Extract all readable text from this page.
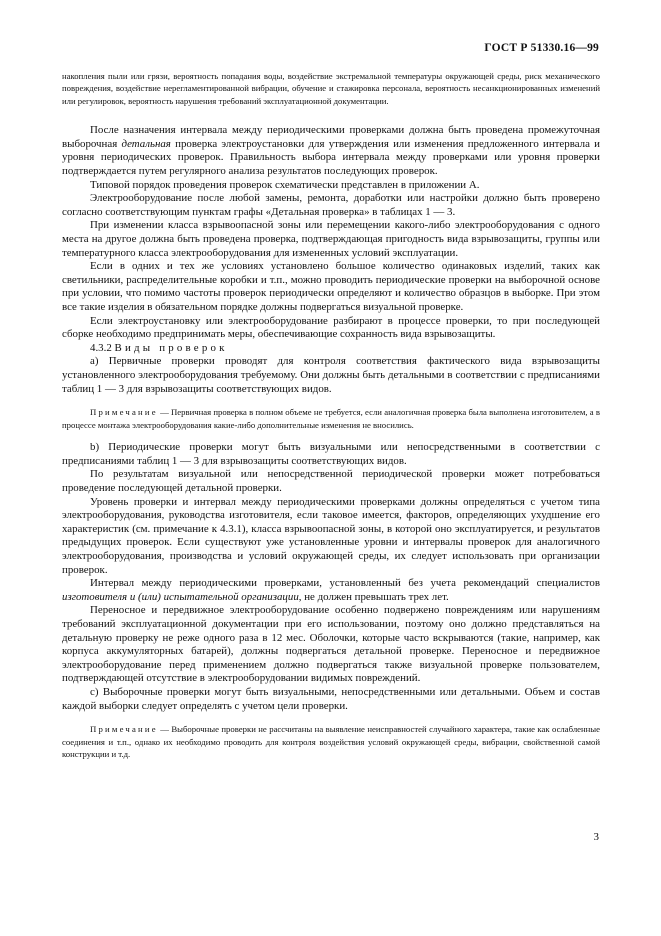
ГОСТ Р 51330.16—99

накопления пыли или грязи, вероятность попадания воды, воздействие экстремальной температуры окружающей среды, риск механического повреждения, воздействие нерегламентированной вибрации, обучение и стажировка персонала, вероятность несанкционированных изменений или регулировок, вероятность нарушения требований эксплуатационной документации.

После назначения интервала между периодическими проверками должна быть проведена промежуточная выборочная детальная проверка электроустановки для утверждения или изменения предложенного интервала и уровня периодических проверок. Правильность выбора интервала между проверками или уровня проверки подтверждается путем регулярного анализа результатов последующих проверок.

Типовой порядок проведения проверок схематически представлен в приложении А.

Электрооборудование после любой замены, ремонта, доработки или настройки должно быть проверено согласно соответствующим пунктам графы «Детальная проверка» в таблицах 1 — 3.

При изменении класса взрывоопасной зоны или перемещении какого-либо электрооборудования с одного места на другое должна быть проведена проверка, подтверждающая пригодность вида взрывозащиты, группы или температурного класса электрооборудования для измененных условий эксплуатации.

Если в одних и тех же условиях установлено большое количество одинаковых изделий, таких как светильники, распределительные коробки и т.п., можно проводить периодические проверки на выборочной основе при условии, что помимо частоты проверок периодически определяют и количество образцов в выборке. При этом все такие изделия в обязательном порядке должны подвергаться визуальной проверке.

Если электроустановку или электрооборудование разбирают в процессе проверки, то при последующей сборке необходимо предпринимать меры, обеспечивающие сохранность вида взрывозащиты.

4.3.2 Виды проверок

а) Первичные проверки проводят для контроля соответствия фактического вида взрывозащиты установленного электрооборудования требуемому. Они должны быть детальными в соответствии с предписаниями таблиц 1 — 3 для взрывозащиты соответствующих видов.

Примечание — Первичная проверка в полном объеме не требуется, если аналогичная проверка была выполнена изготовителем, а в процессе монтажа электрооборудования какие-либо дополнительные изменения не вносились.

b) Периодические проверки могут быть визуальными или непосредственными в соответствии с предписаниями таблиц 1 — 3 для взрывозащиты соответствующих видов.

По результатам визуальной или непосредственной периодической проверки может потребоваться проведение последующей детальной проверки.

Уровень проверки и интервал между периодическими проверками должны определяться с учетом типа электрооборудования, руководства изготовителя, если таковое имеется, факторов, определяющих ухудшение его характеристик (см. примечание к 4.3.1), класса взрывоопасной зоны, в которой оно эксплуатируется, и результатов предыдущих проверок. Если существуют уже установленные уровни и интервалы проверок для аналогичного электрооборудования, производства и условий окружающей среды, их следует использовать при организации проверок.

Интервал между периодическими проверками, установленный без учета рекомендаций специалистов изготовителя и (или) испытательной организации, не должен превышать трех лет.

Переносное и передвижное электрооборудование особенно подвержено повреждениям или нарушениям требований эксплуатационной документации при его использовании, поэтому оно должно представляться на детальную проверку не реже одного раза в 12 мес. Оболочки, которые часто вскрываются (такие, например, как корпуса аккумуляторных батарей), должны подвергаться детальной проверке. Переносное и передвижное электрооборудование перед применением должно подвергаться также визуальной проверке пользователем, подтверждающей отсутствие в электрооборудовании видимых повреждений.

с) Выборочные проверки могут быть визуальными, непосредственными или детальными. Объем и состав каждой выборки следует определять с учетом цели проверки.

Примечание — Выборочные проверки не рассчитаны на выявление неисправностей случайного характера, такие как ослабленные соединения и т.п., однако их необходимо проводить для контроля воздействия условий окружающей среды, вибрации, свойственной самой конструкции и т.д.

3
